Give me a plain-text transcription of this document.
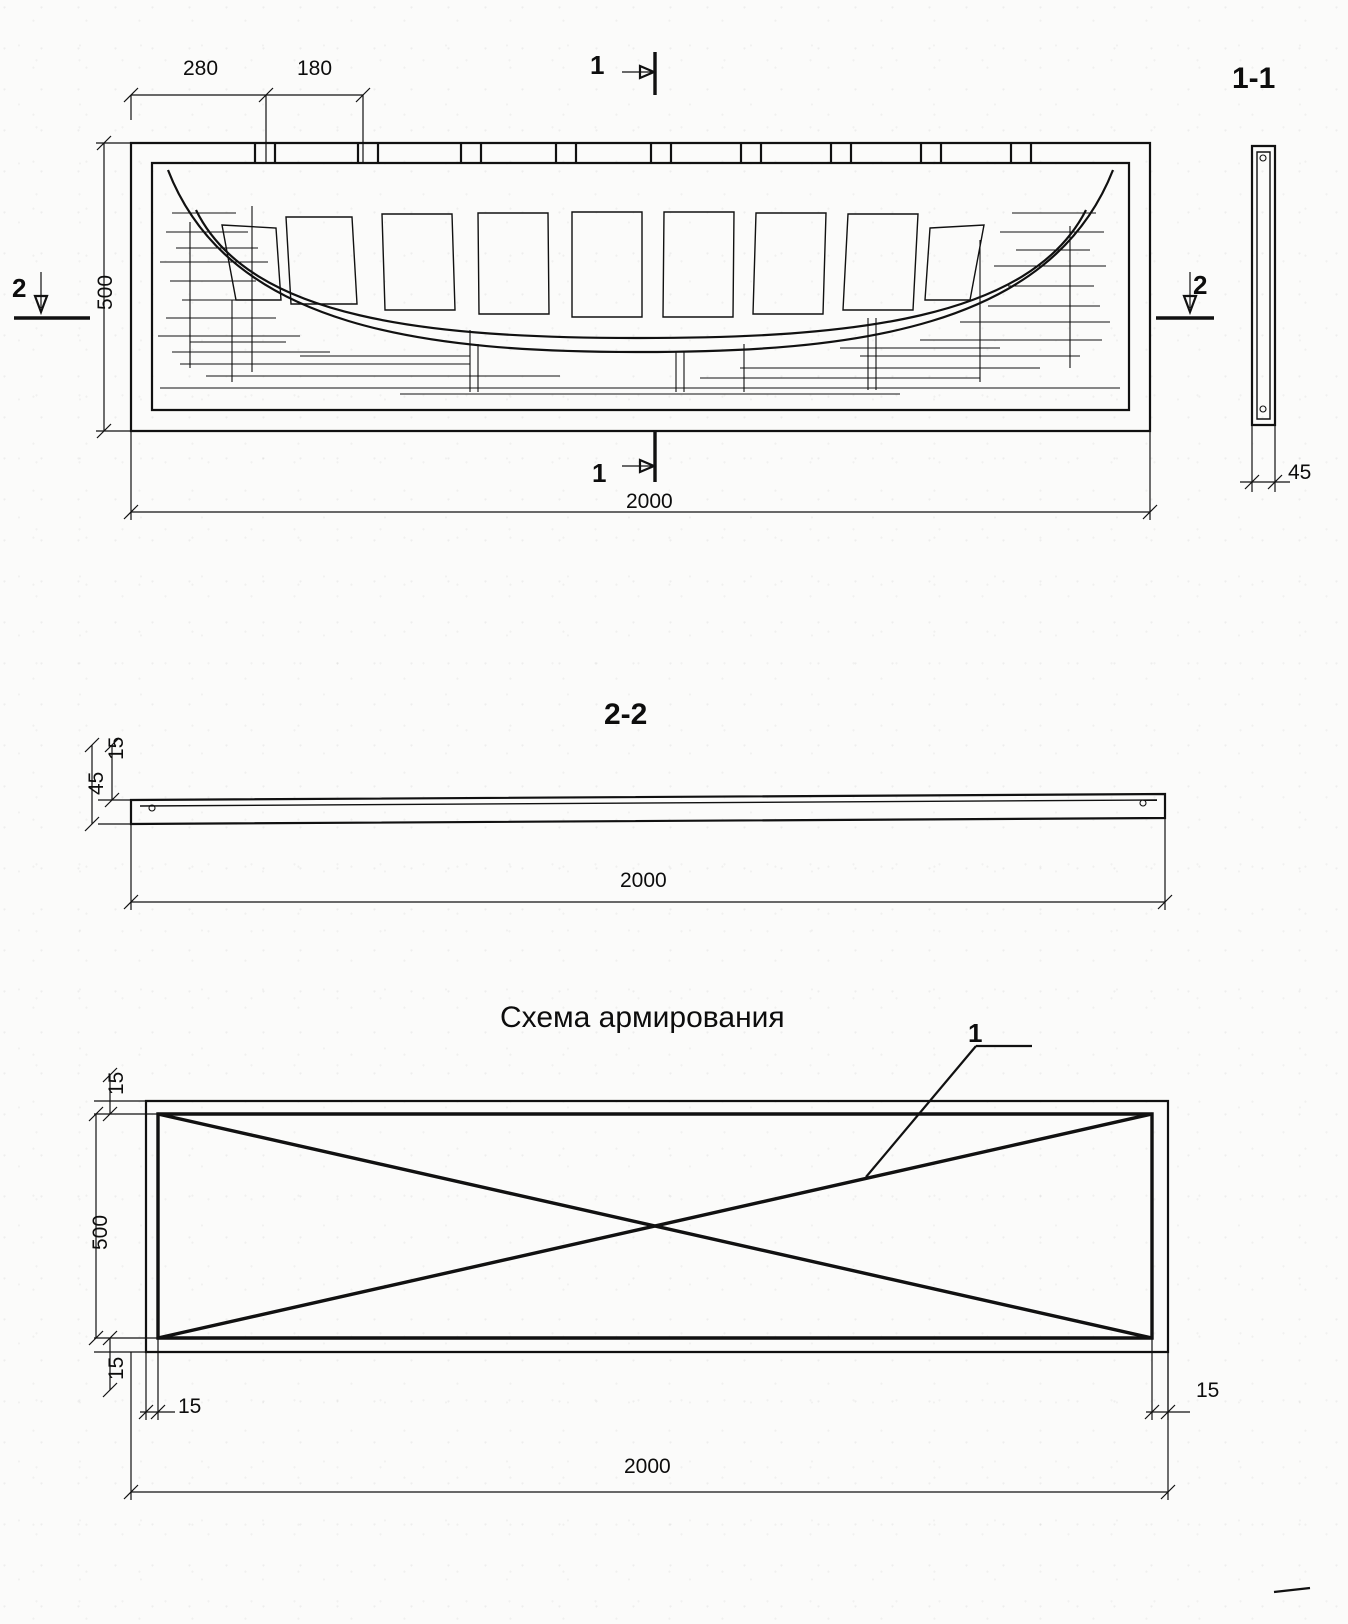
280	180
500
2000
1
1
2	2
1-1
45
2-2
15
45
2000
Схема армирования	1
15
500
15
15
15
2000
